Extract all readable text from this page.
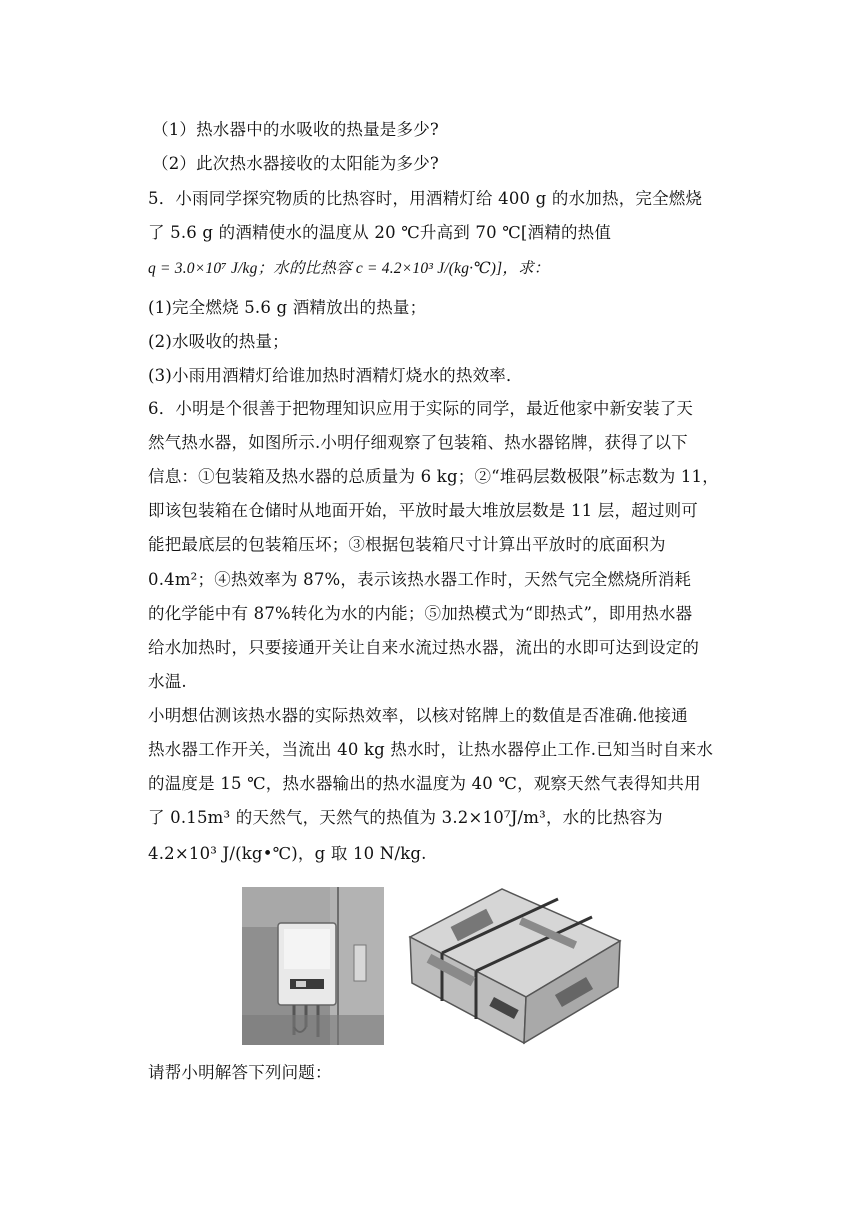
（1）热水器中的水吸收的热量是多少?
（2）此次热水器接收的太阳能为多少?
5．小雨同学探究物质的比热容时，用酒精灯给 400 g 的水加热，完全燃烧
了 5.6 g 的酒精使水的温度从 20 ℃升高到 70 ℃[酒精的热值
q = 3.0×10⁷ J/kg；水的比热容 c = 4.2×10³ J/(kg·℃)]，求：
(1)完全燃烧 5.6 g 酒精放出的热量；
(2)水吸收的热量；
(3)小雨用酒精灯给谁加热时酒精灯烧水的热效率．
6．小明是个很善于把物理知识应用于实际的同学，最近他家中新安装了天
然气热水器，如图所示.小明仔细观察了包装箱、热水器铭牌，获得了以下
信息：①包装箱及热水器的总质量为 6 kg；②“堆码层数极限”标志数为 11，
即该包装箱在仓储时从地面开始，平放时最大堆放层数是 11 层，超过则可
能把最底层的包装箱压坏；③根据包装箱尺寸计算出平放时的底面积为
0.4m²；④热效率为 87%，表示该热水器工作时，天然气完全燃烧所消耗
的化学能中有 87%转化为水的内能；⑤加热模式为“即热式”，即用热水器
给水加热时，只要接通开关让自来水流过热水器，流出的水即可达到设定的
水温.
小明想估测该热水器的实际热效率，以核对铭牌上的数值是否准确.他接通
热水器工作开关，当流出 40 kg 热水时，让热水器停止工作.已知当时自来水
的温度是 15 ℃，热水器输出的热水温度为 40 ℃，观察天然气表得知共用
了 0.15m³ 的天然气，天然气的热值为 3.2×10⁷J/m³，水的比热容为
4.2×10³ J/(kg•℃)，g 取 10 N/kg.
请帮小明解答下列问题：
